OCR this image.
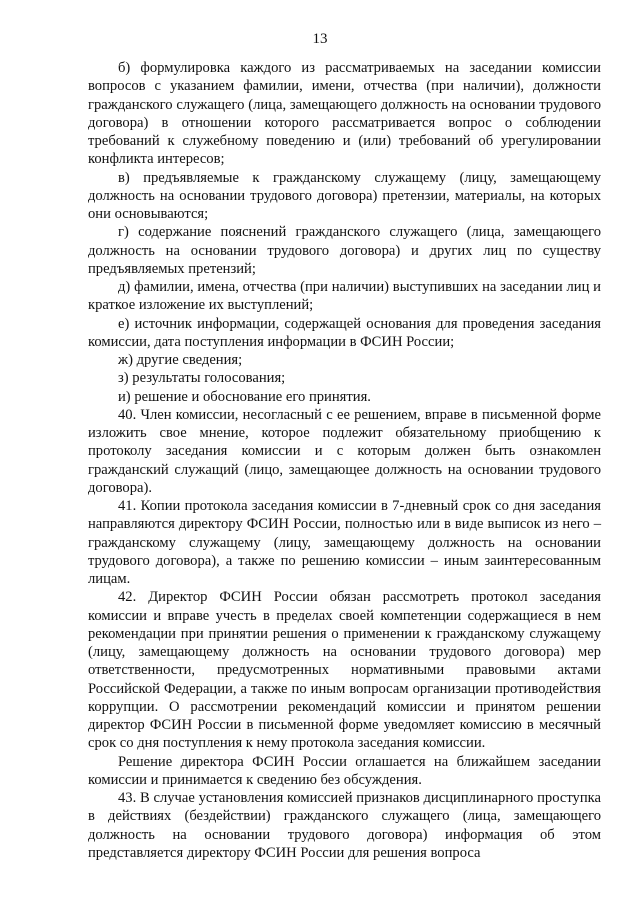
13

б) формулировка каждого из рассматриваемых на заседании комиссии вопросов с указанием фамилии, имени, отчества (при наличии), должности гражданского служащего (лица, замещающего должность на основании трудового договора) в отношении которого рассматривается вопрос о соблюдении требований к служебному поведению и (или) требований об урегулировании конфликта интересов;

в) предъявляемые к гражданскому служащему (лицу, замещающему должность на основании трудового договора) претензии, материалы, на которых они основываются;

г) содержание пояснений гражданского служащего (лица, замещающего должность на основании трудового договора) и других лиц по существу предъявляемых претензий;

д) фамилии, имена, отчества (при наличии) выступивших на заседании лиц и краткое изложение их выступлений;

е) источник информации, содержащей основания для проведения заседания комиссии, дата поступления информации в ФСИН России;

ж) другие сведения;

з) результаты голосования;

и) решение и обоснование его принятия.

40. Член комиссии, несогласный с ее решением, вправе в письменной форме изложить свое мнение, которое подлежит обязательному приобщению к протоколу заседания комиссии и с которым должен быть ознакомлен гражданский служащий (лицо, замещающее должность на основании трудового договора).

41. Копии протокола заседания комиссии в 7-дневный срок со дня заседания направляются директору ФСИН России, полностью или в виде выписок из него – гражданскому служащему (лицу, замещающему должность на основании трудового договора), а также по решению комиссии – иным заинтересованным лицам.

42. Директор ФСИН России обязан рассмотреть протокол заседания комиссии и вправе учесть в пределах своей компетенции содержащиеся в нем рекомендации при принятии решения о применении к гражданскому служащему (лицу, замещающему должность на основании трудового договора) мер ответственности, предусмотренных нормативными правовыми актами Российской Федерации, а также по иным вопросам организации противодействия коррупции. О рассмотрении рекомендаций комиссии и принятом решении директор ФСИН России в письменной форме уведомляет комиссию в месячный срок со дня поступления к нему протокола заседания комиссии.

Решение директора ФСИН России оглашается на ближайшем заседании комиссии и принимается к сведению без обсуждения.

43. В случае установления комиссией признаков дисциплинарного проступка в действиях (бездействии) гражданского служащего (лица, замещающего должность на основании трудового договора) информация об этом представляется директору ФСИН России для решения вопроса
